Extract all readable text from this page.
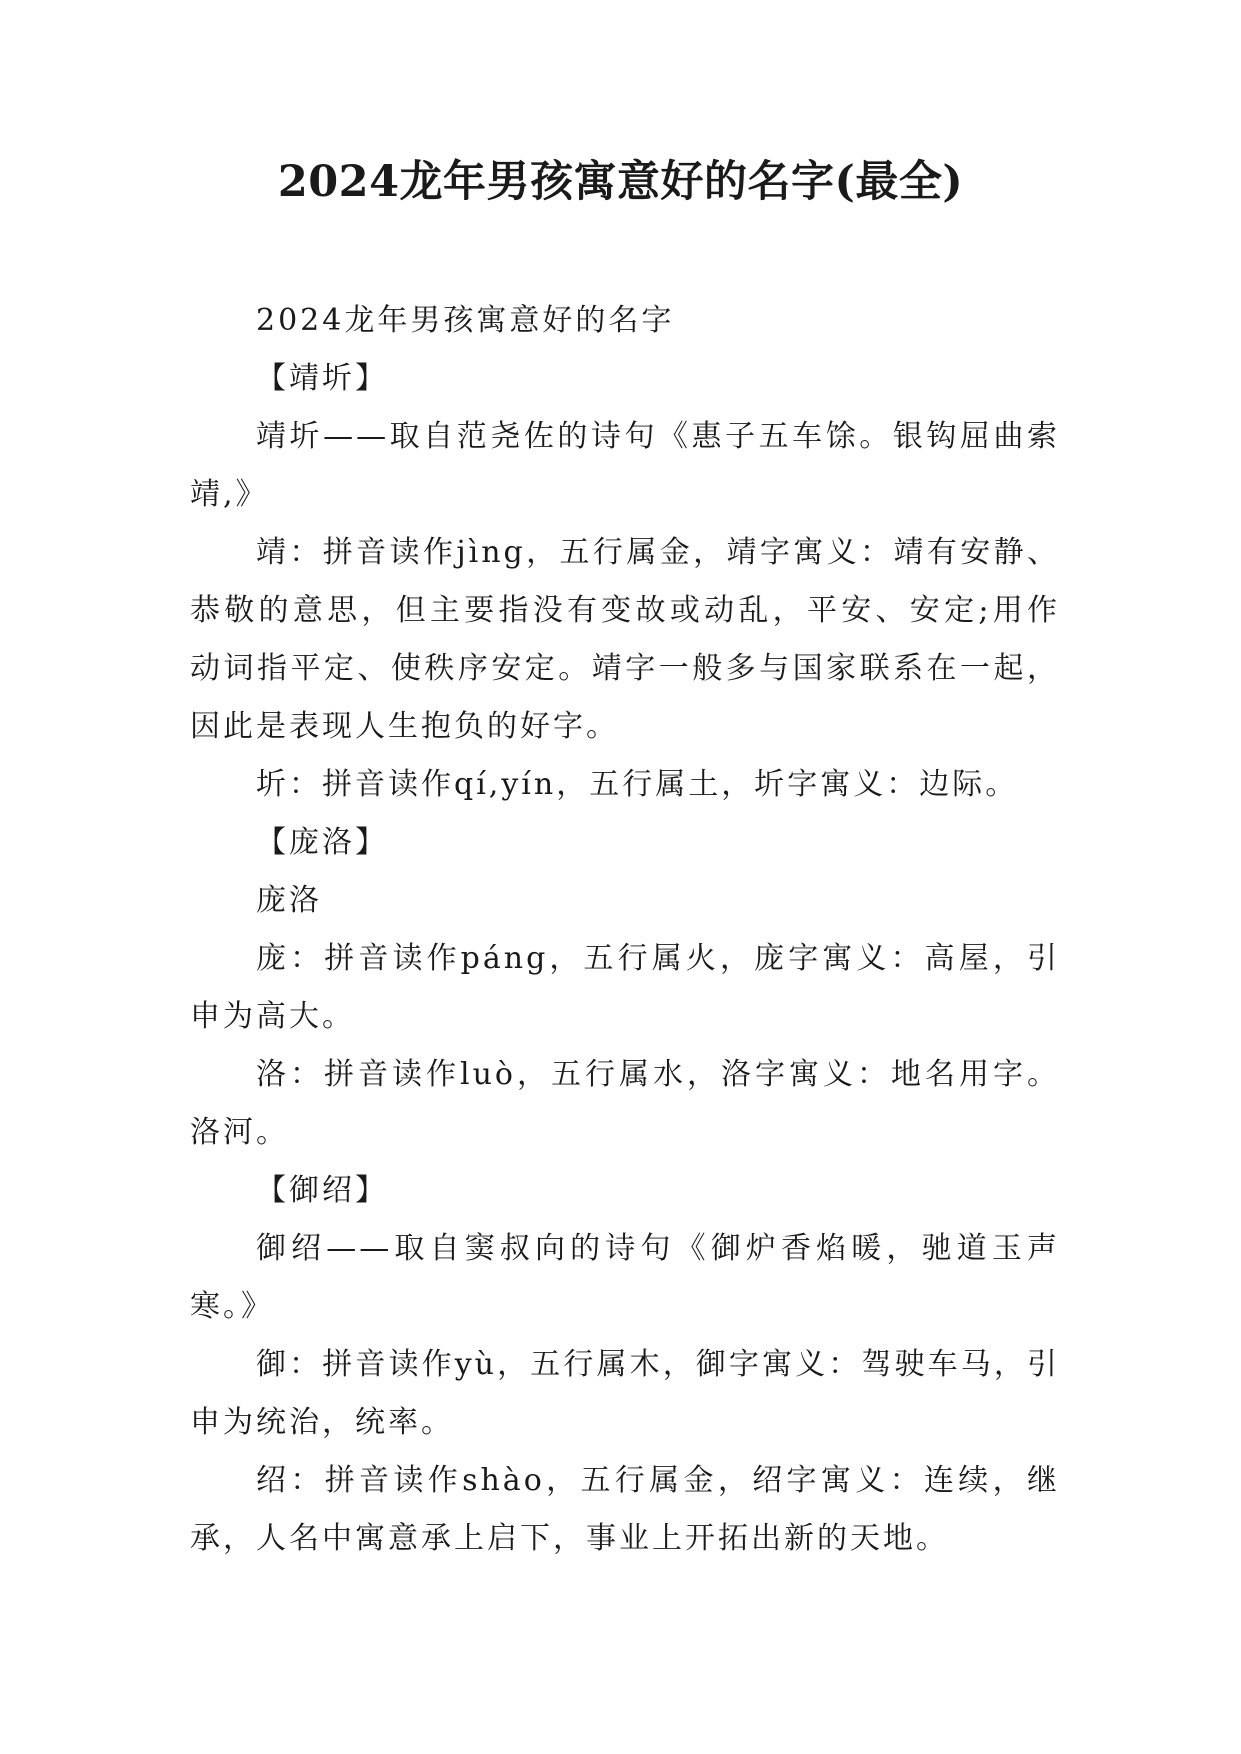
2024龙年男孩寓意好的名字(最全)

2024龙年男孩寓意好的名字

【靖圻】

靖圻——取自范尧佐的诗句《惠子五车馀。银钩屈曲索靖,》

靖：拼音读作jìng，五行属金，靖字寓义：靖有安静、恭敬的意思，但主要指没有变故或动乱，平安、安定;用作动词指平定、使秩序安定。靖字一般多与国家联系在一起，因此是表现人生抱负的好字。

圻：拼音读作qí,yín，五行属土，圻字寓义：边际。

【庞洛】

庞洛

庞：拼音读作páng，五行属火，庞字寓义：高屋，引申为高大。

洛：拼音读作luò，五行属水，洛字寓义：地名用字。洛河。

【御绍】

御绍——取自窦叔向的诗句《御炉香焰暖，驰道玉声寒。》

御：拼音读作yù，五行属木，御字寓义：驾驶车马，引申为统治，统率。

绍：拼音读作shào，五行属金，绍字寓义：连续，继承，人名中寓意承上启下，事业上开拓出新的天地。
